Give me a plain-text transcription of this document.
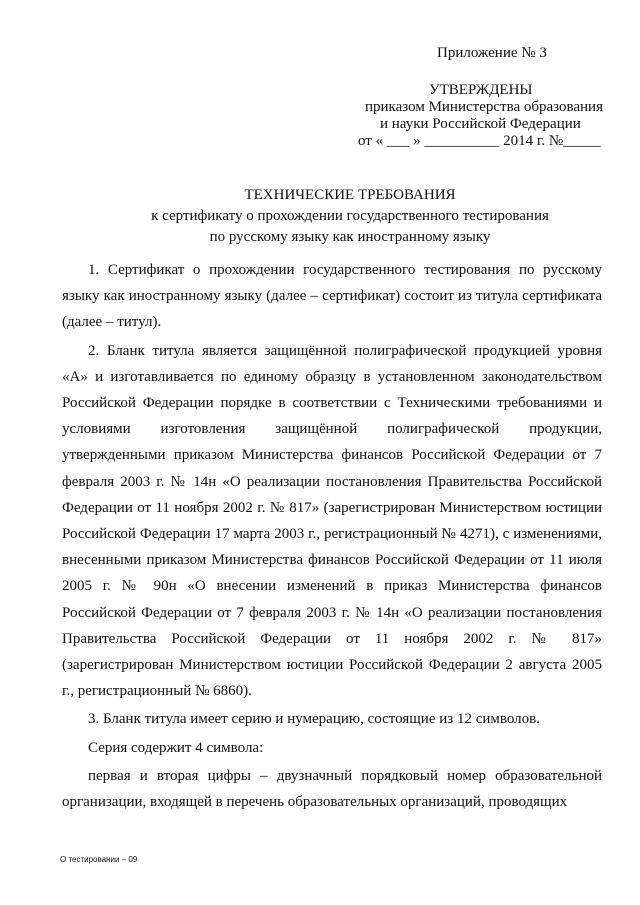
Приложение № 3
УТВЕРЖДЕНЫ
приказом Министерства образования
и науки Российской Федерации
от « ___ » __________ 2014 г. №_____
ТЕХНИЧЕСКИЕ ТРЕБОВАНИЯ
к сертификату о прохождении государственного тестирования
по русскому языку как иностранному языку

1. Сертификат о прохождении государственного тестирования по русскому языку как иностранному языку (далее – сертификат) состоит из титула сертификата (далее – титул).

2. Бланк титула является защищённой полиграфической продукцией уровня «А» и изготавливается по единому образцу в установленном законодательством Российской Федерации порядке в соответствии с Техническими требованиями и условиями изготовления защищённой полиграфической продукции, утвержденными приказом Министерства финансов Российской Федерации от 7 февраля 2003 г. № 14н «О реализации постановления Правительства Российской Федерации от 11 ноября 2002 г. № 817» (зарегистрирован Министерством юстиции Российской Федерации 17 марта 2003 г., регистрационный № 4271), с изменениями, внесенными приказом Министерства финансов Российской Федерации от 11 июля 2005 г. № 90н «О внесении изменений в приказ Министерства финансов Российской Федерации от 7 февраля 2003 г. № 14н «О реализации постановления Правительства Российской Федерации от 11 ноября 2002 г. № 817» (зарегистрирован Министерством юстиции Российской Федерации 2 августа 2005 г., регистрационный № 6860).

3. Бланк титула имеет серию и нумерацию, состоящие из 12 символов.

Серия содержит 4 символа:

первая и вторая цифры – двузначный порядковый номер образовательной организации, входящей в перечень образовательных организаций, проводящих

О тестировании – 09
